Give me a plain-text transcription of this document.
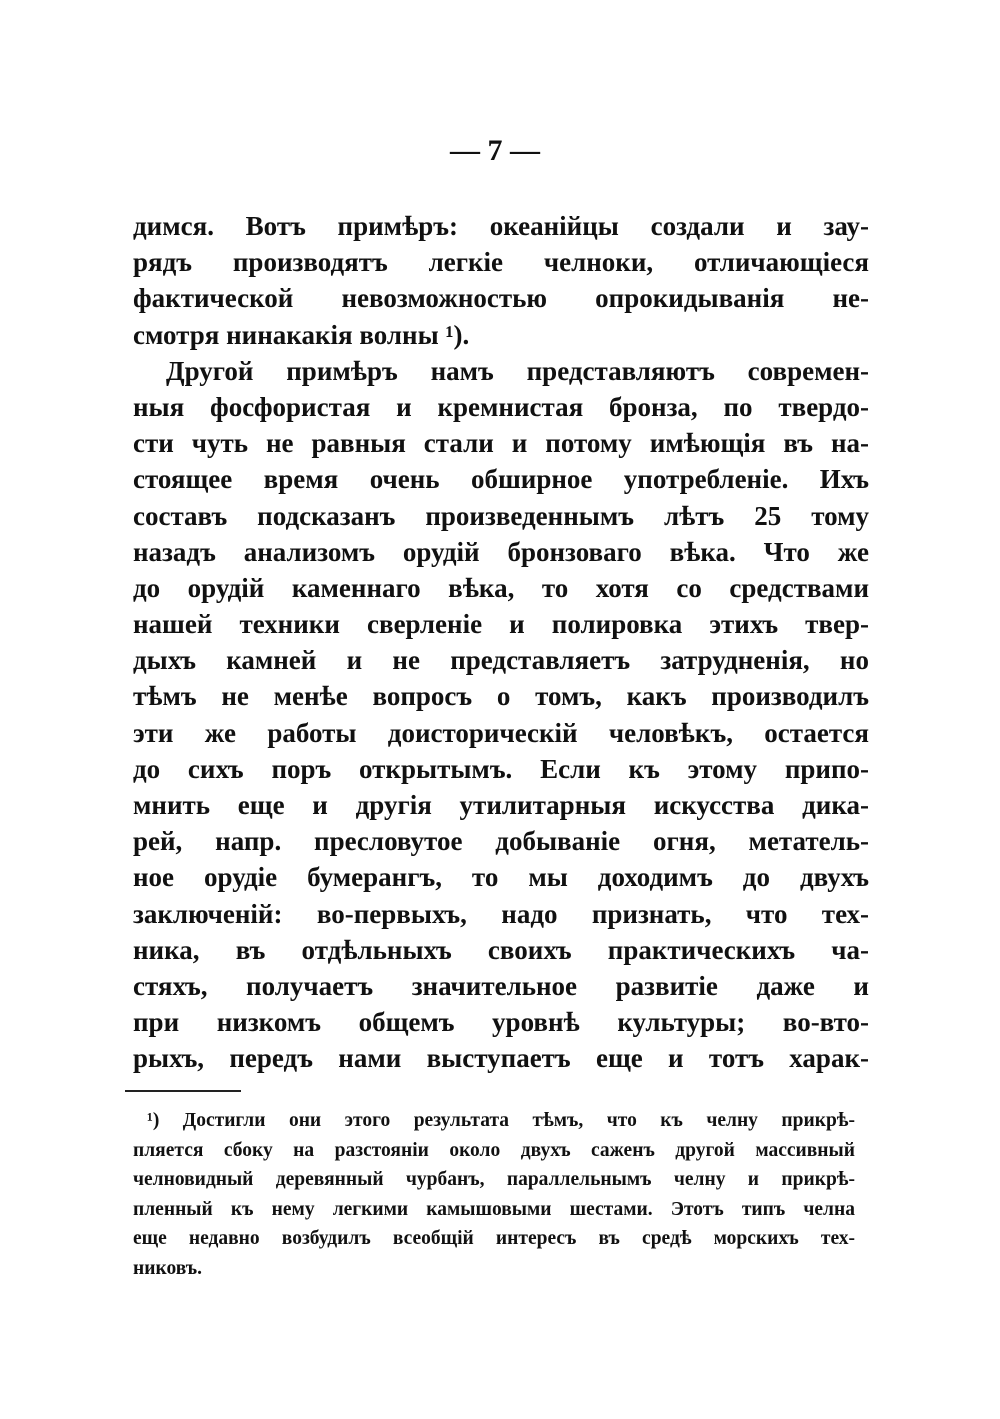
— 7 —
димся. Вотъ примѣръ: океанійцы создали и зау-
рядъ производятъ легкіе челноки, отличающіеся
фактической невозможностью опрокидыванія не-
смотря нинакакія волны ¹).
Другой примѣръ намъ представляютъ современ-
ныя фосфористая и кремнистая бронза, по твердо-
сти чуть не равныя стали и потому имѣющія въ на-
стоящее время очень обширное употребленіе. Ихъ
составъ подсказанъ произведеннымъ лѣтъ 25 тому
назадъ анализомъ орудій бронзоваго вѣка. Что же
до орудій каменнаго вѣка, то хотя со средствами
нашей техники сверленіе и полировка этихъ твер-
дыхъ камней и не представляетъ затрудненія, но
тѣмъ не менѣе вопросъ о томъ, какъ производилъ
эти же работы доисторическій человѣкъ, остается
до сихъ поръ открытымъ. Если къ этому припо-
мнить еще и другія утилитарныя искусства дика-
рей, напр. пресловутое добываніе огня, метатель-
ное орудіе бумерангъ, то мы доходимъ до двухъ
заключеній: во-первыхъ, надо признать, что тех-
ника, въ отдѣльныхъ своихъ практическихъ ча-
стяхъ, получаетъ значительное развитіе даже и
при низкомъ общемъ уровнѣ культуры; во-вто-
рыхъ, передъ нами выступаетъ еще и тотъ харак-
¹) Достигли они этого результата тѣмъ, что къ челну прикрѣ-
пляется сбоку на разстояніи около двухъ саженъ другой массивный
челновидный деревянный чурбанъ, параллельнымъ челну и прикрѣ-
пленный къ нему легкими камышовыми шестами. Этотъ типъ челна
еще недавно возбудилъ всеобщій интересъ въ средѣ морскихъ тех-
никовъ.
